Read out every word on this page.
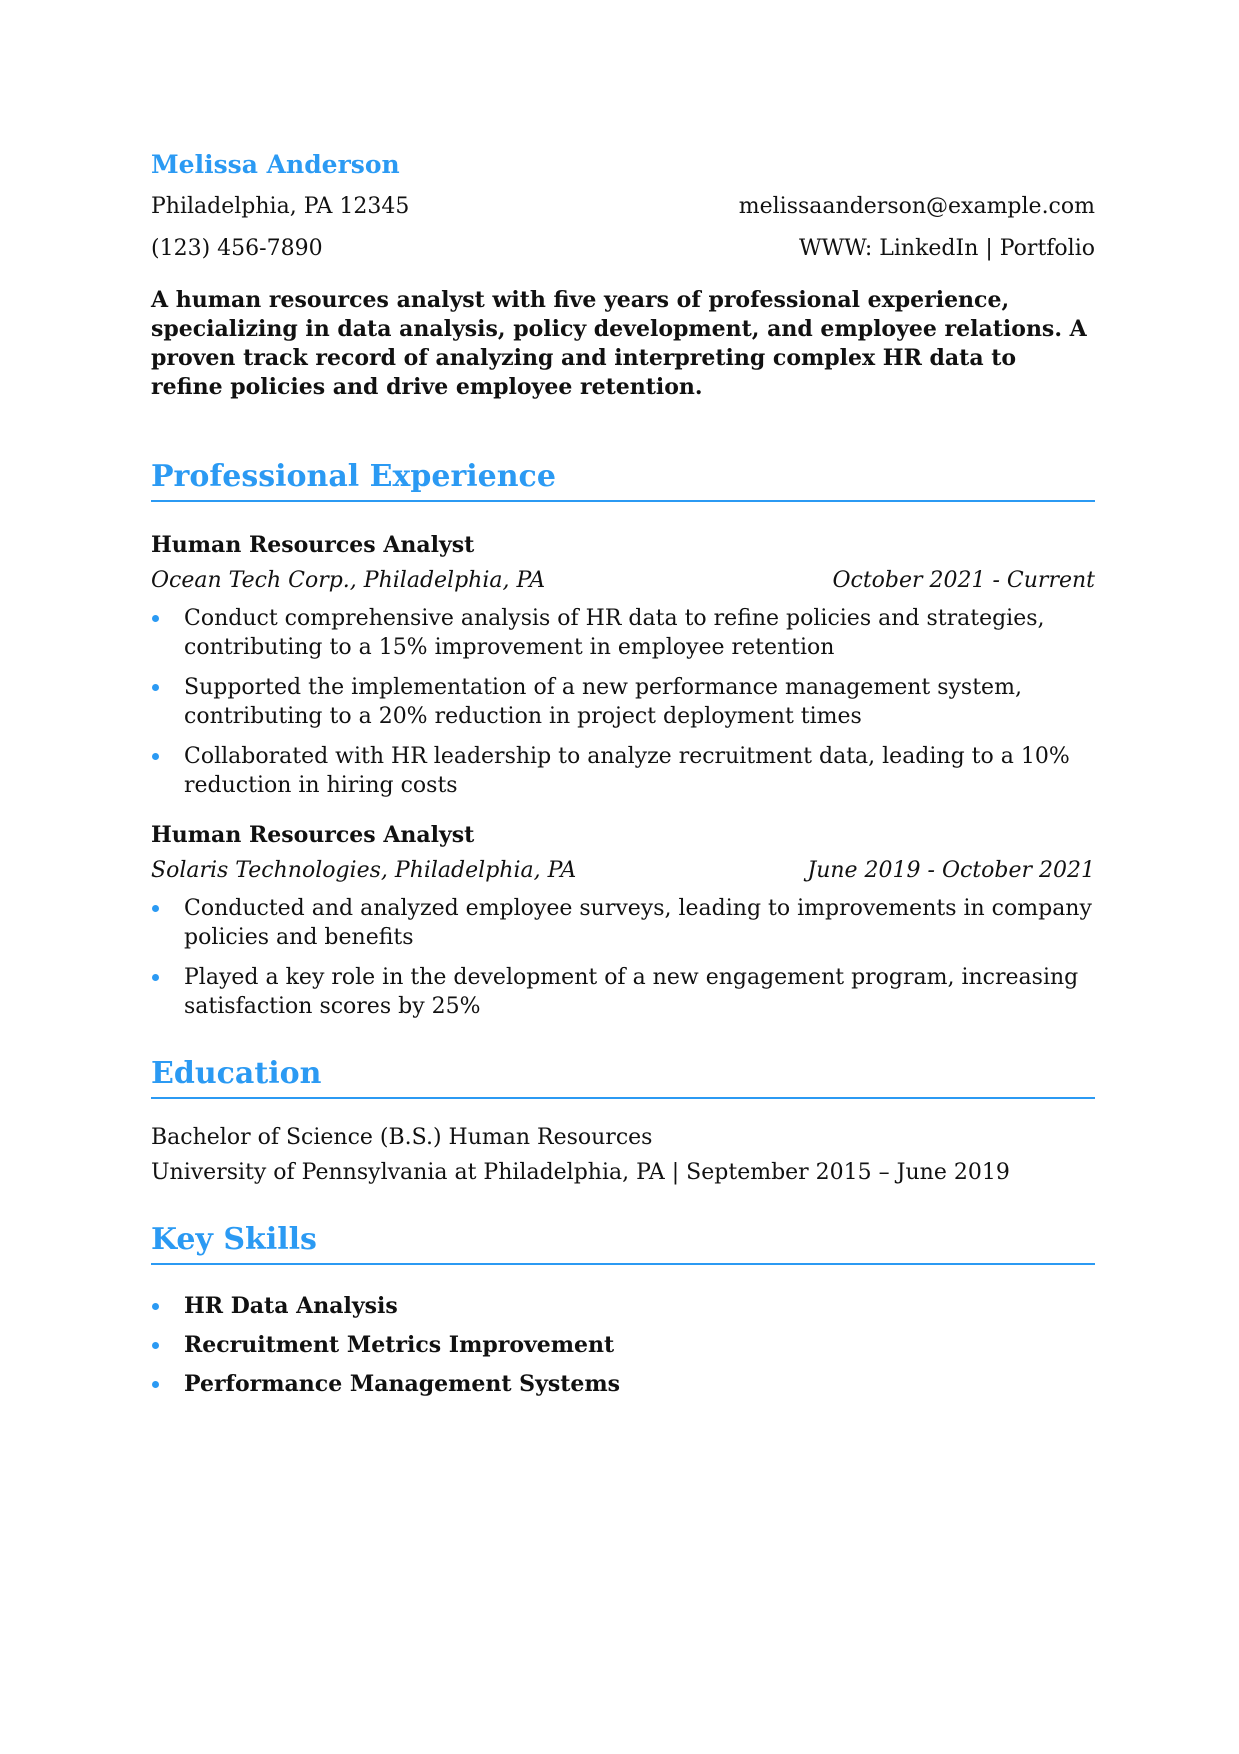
Melissa Anderson
Philadelphia, PA 12345	melissaanderson@example.com
(123) 456-7890	WWW: LinkedIn | Portfolio

A human resources analyst with five years of professional experience, specializing in data analysis, policy development, and employee relations. A proven track record of analyzing and interpreting complex HR data to refine policies and drive employee retention.

Professional Experience
Human Resources Analyst
Ocean Tech Corp., Philadelphia, PA	October 2021 - Current
Conduct comprehensive analysis of HR data to refine policies and strategies, contributing to a 15% improvement in employee retention
Supported the implementation of a new performance management system, contributing to a 20% reduction in project deployment times
Collaborated with HR leadership to analyze recruitment data, leading to a 10% reduction in hiring costs
Human Resources Analyst
Solaris Technologies, Philadelphia, PA	June 2019 - October 2021
Conducted and analyzed employee surveys, leading to improvements in company policies and benefits
Played a key role in the development of a new engagement program, increasing satisfaction scores by 25%
Education
Bachelor of Science (B.S.) Human Resources
University of Pennsylvania at Philadelphia, PA | September 2015 – June 2019
Key Skills
HR Data Analysis
Recruitment Metrics Improvement
Performance Management Systems
